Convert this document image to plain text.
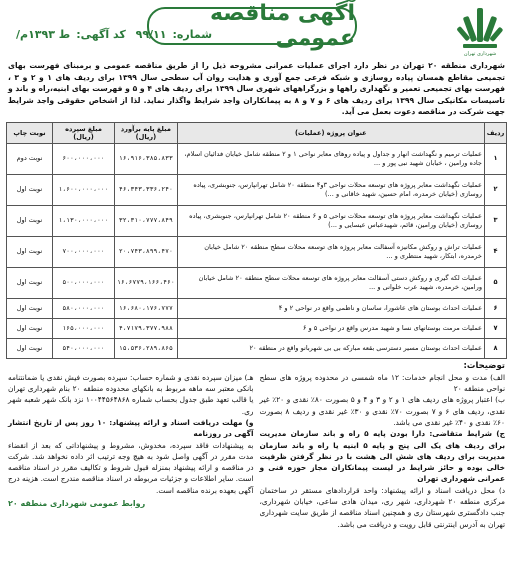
شهرداری تهران
آگهی مناقصه عمومی
شماره:۹۹/۱۱ کد آگهی:ط ۱۳۹۳م/
شهرداری منطقه ۲۰ تهران در نظر دارد اجرای عملیات عمرانی مشروحه ذیل را از طریق مناقصه عمومی و برمبنای فهرست بهای تجمیعی مقاطع همسان پیاده روسازی و شبکه فرعی جمع آوری و هدایت روان آب سطحی سال ۱۳۹۹ برای ردیف های ۱ و ۲ و ۳ ، فهرست بهای تجمیعی تعمیر و نگهداری راهها و بزرگراههای شهری سال ۱۳۹۹ برای ردیف های ۴ و ۵ و فهرست بهای ابنیه،راه و باند و تاسیسات مکانیکی سال ۱۳۹۹ برای ردیف های ۶ و ۷ و ۸ به پیمانکاران واجد شرایط واگذار نماید. لذا از اشخاص حقوقی واجد شرایط جهت شرکت در مناقصه دعوت بعمل می آید.
ردیف	عنوان پروژه (عملیات)	مبلغ پایه برآورد (ریال)	مبلغ سپرده (ریال)	نوبت چاپ
۱	عملیات ترمیم و نگهداشت انهار و جداول و پیاده روهای معابر نواحی ۱ و ۲ منطقه شامل خیابان فدائیان اسلام، جاده ورامین ، خیابان شهید نبی پور و ...	۱۶،۹۱۶،۳۸۵،۸۳۳	۶۰۰،۰۰۰،۰۰۰	نوبت دوم
۲	عملیات نگهداشت معابر پروژه های توسعه محلات نواحی ۳و۴ منطقه ۲۰ شامل تهرانپارس، جنوبشری، پیاده روسازی (خیابان خرمدره، امام حسین، شهید خاقانی و ...)	۴۶،۳۴۳،۳۳۶،۲۴۰	۱،۶۰۰،۰۰۰،۰۰۰	نوبت اول
۳	عملیات نگهداشت معابر پروژه های توسعه محلات نواحی ۵ و ۶ منطقه ۲۰ شامل تهرانپارس، جنوبشری، پیاده روسازی (خیابان ورامین، قائم، شهیدعباس عیسایی و ...)	۳۲،۳۱۰،۷۷۷،۸۴۹	۱،۱۳۰،۰۰۰،۰۰۰	نوبت اول
۴	عملیات تراش و روکش مکانیزه آسفالت معابر پروژه های توسعه محلات سطح منطقه ۲۰ شامل خیابان خرمدره، ابتکار، شهید منتظری و ...	۲۰،۷۴۳،۸۹۹،۴۷۰	۷۰۰،۰۰۰،۰۰۰	نوبت اول
۵	عملیات لکه گیری و روکش دستی آسفالت معابر پروژه های توسعه محلات سطح منطقه ۲۰ شامل خیابان ورامین، خرمدره، شهید عرب خلوانی و ...	۱۶،۶۷۷۹،۱۶۶،۴۶۰	۵۰۰،۰۰۰،۰۰۰	نوبت اول
۶	عملیات احداث بوستان های عاشورا، ساسان و ناظمی واقع در نواحی ۲ و ۴	۱۶،۶۸۰،۱۷۶،۷۷۷	۵۸۰،۰۰۰،۰۰۰	نوبت اول
۷	عملیات مرمت بوستانهای نسا و شهید مدرس واقع در نواحی ۵ و ۶	۴،۷۱۷۹،۳۷۷،۹۸۸	۱۶۵،۰۰۰،۰۰۰	نوبت اول
۸	عملیات احداث بوستان مسیر دسترسی بقعه مبارکه بی بی شهربانو واقع در منطقه ۲۰	۱۵،۵۳۶،۲۸۹،۸۶۵	۵۴۰،۰۰۰،۰۰۰	نوبت اول
توضیحات:
الف) مدت و محل انجام خدمات: ۱۲ ماه شمسی در محدوده پروژه های سطح نواحی منطقه ۲۰
ب) اعتبار پروژه های ردیف های ۱ و ۲ و ۳ و ۴ و ۵ بصورت ۸۰٪ نقدی و ۲۰٪ غیر نقدی، ردیف های ۶ و ۷ بصورت ۷۰٪ نقدی و ۳۰٪ غیر نقدی و ردیف ۸ بصورت ۶۰٪ نقدی و ۴۰٪ غیر نقدی می باشد.
ج) شرایط متقاضی: دارا بودن پایه ۵ راه و باند سازمان مدیریت برای ردیف های یک الی پنج و پایه ۵ ابنیه یا راه و باند سازمان مدیریت برای ردیف های شش الی هشت با در نظر گرفتن ظرفیت خالی بوده و حائز شرایط در لیست پیمانکاران مجاز حوزه فنی و عمرانی شهرداری تهران
د) محل دریافت اسناد و ارائه پیشنهاد: واحد قراردادهای مستقر در ساختمان مرکزی منطقه ۲۰ شهرداری، شهر ری، میدان هادی ساعی، خیابان شهرداری، جنب دادگستری شهرستان ری و همچنین اسناد مناقصه از طریق سایت شهرداری تهران به آدرس اینترنتی قابل رویت و دریافت می باشد.
هـ) میزان سپرده نقدی و شماره حساب: سپرده بصورت فیش نقدی یا ضمانتنامه بانکی معتبر سه ماهه مربوط به بانکهای محدوده منطقه ۲۰ بنام شهرداری تهران یا قالب تعهد طبق جدول بحساب شماره ۱۰۰۴۴۵۶۴۸۶۸ نزد بانک شهر شعبه شهر ری.
و) مهلت دریافت اسناد و ارائه پیشنهاد: ۱۰ روز پس از تاریخ انتشار آگهی در روزنامه
به پیشنهادات فاقد سپرده، مخدوش، مشروط و پیشنهاداتی که بعد از انقضاء مدت مقرر در آگهی واصل شود به هیچ وجه ترتیب اثر داده نخواهد شد. شرکت در مناقصه و ارائه پیشنهاد بمنزله قبول شروط و تکالیف مقرر در اسناد مناقصه است. سایر اطلاعات و جزئیات مربوطه در اسناد مناقصه مندرج است. هزینه درج آگهی بعهده برنده مناقصه است.
روابط عمومی شهرداری منطقه ۲۰
